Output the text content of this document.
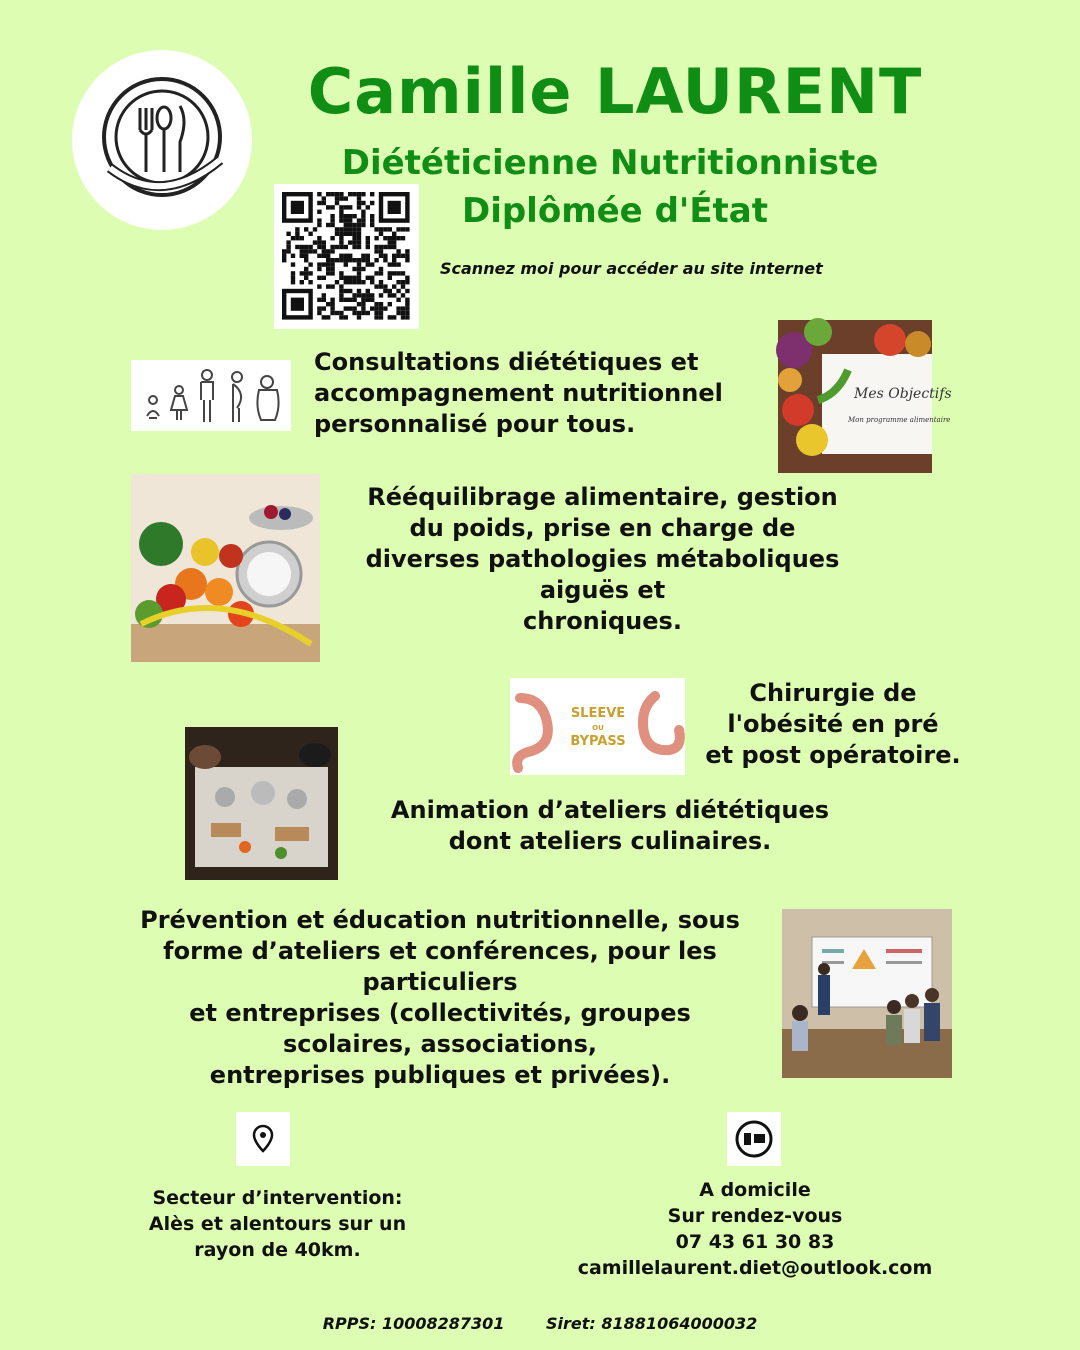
Camille LAURENT
Diététicienne Nutritionniste
Diplômée d'État
Scannez moi pour accéder au site internet
Consultations diététiques et
accompagnement nutritionnel
personnalisé pour tous.
Mes Objectifs
Mon programme alimentaire
Rééquilibrage alimentaire, gestion
du poids, prise en charge de
diverses pathologies métaboliques
aiguës et
chroniques.
SLEEVE
OU
BYPASS
Chirurgie de
l'obésité en pré
et post opératoire.
Animation d’ateliers diététiques
dont ateliers culinaires.
Prévention et éducation nutritionnelle, sous
forme d’ateliers et conférences, pour les
particuliers
et entreprises (collectivités, groupes
scolaires, associations,
entreprises publiques et privées).
Secteur d’intervention:
Alès et alentours sur un
rayon de 40km.
A domicile
Sur rendez-vous
07 43 61 30 83
camillelaurent.diet@outlook.com
RPPS: 10008287301	Siret: 81881064000032
